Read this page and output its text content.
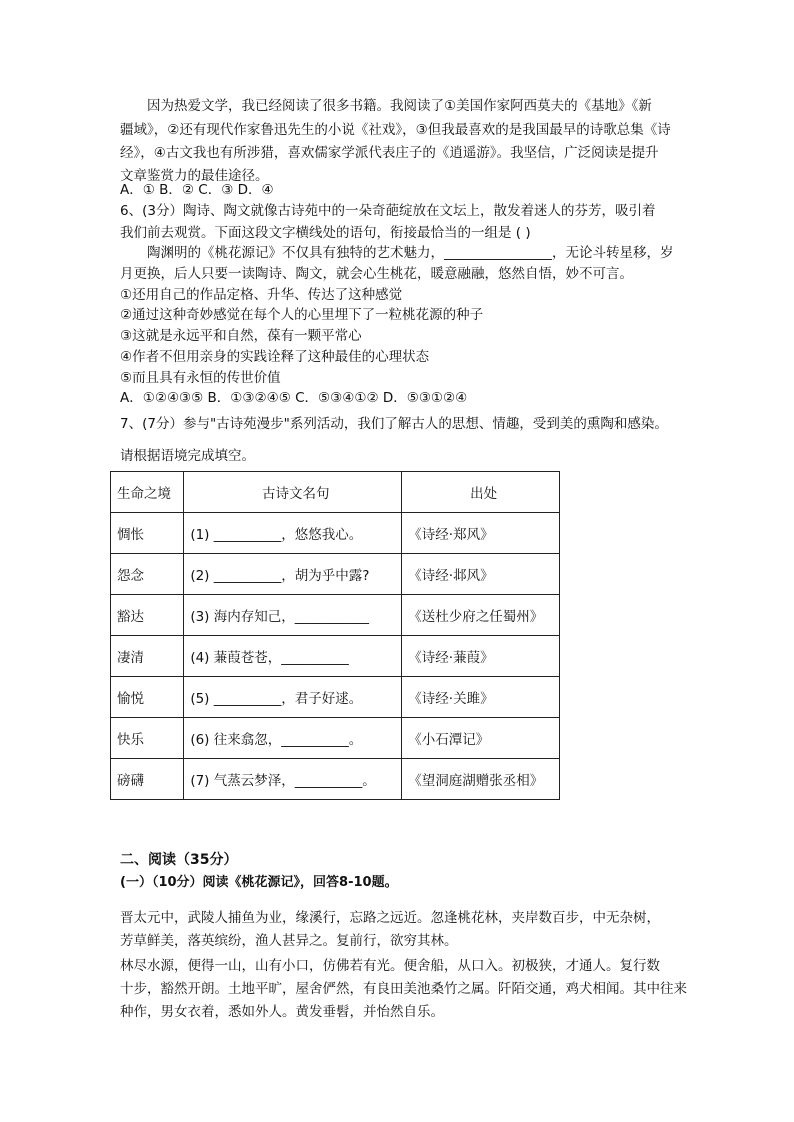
因为热爱文学，我已经阅读了很多书籍。我阅读了①美国作家阿西莫夫的《基地》《新
疆域》，②还有现代作家鲁迅先生的小说《社戏》，③但我最喜欢的是我国最早的诗歌总集《诗
经》，④古文我也有所涉猎，喜欢儒家学派代表庄子的《逍遥游》。我坚信，广泛阅读是提升
文章鉴赏力的最佳途径。
A．① B．② C．③ D．④
6、(3分）陶诗、陶文就像古诗苑中的一朵奇葩绽放在文坛上，散发着迷人的芬芳，吸引着
我们前去观赏。下面这段文字横线处的语句，衔接最恰当的一组是 ( )
陶渊明的《桃花源记》不仅具有独特的艺术魅力，________________，无论斗转星移，岁
月更换，后人只要一读陶诗、陶文，就会心生桃花，暖意融融，悠然自悟，妙不可言。
①还用自己的作品定格、升华、传达了这种感觉
②通过这种奇妙感觉在每个人的心里埋下了一粒桃花源的种子
③这就是永远平和自然，葆有一颗平常心
④作者不但用亲身的实践诠释了这种最佳的心理状态
⑤而且具有永恒的传世价值
A．①②④③⑤ B．①③②④⑤ C．⑤③④①② D．⑤③①②④
7、(7分）参与"古诗苑漫步"系列活动，我们了解古人的思想、情趣，受到美的熏陶和感染。
请根据语境完成填空。
生命之境	古诗文名句	出处
惆怅	(1) __________，悠悠我心。	《诗经·郑风》
怨念	(2) __________，胡为乎中露?	《诗经·邶风》
豁达	(3) 海内存知己，___________	《送杜少府之任蜀州》
凄清	(4) 蒹葭苍苍，__________	《诗经·蒹葭》
愉悦	(5) __________，君子好逑。	《诗经·关雎》
快乐	(6) 往来翕忽，__________。	《小石潭记》
磅礴	(7) 气蒸云梦泽，__________。	《望洞庭湖赠张丞相》
二、阅读（35分）
(一）（10分）阅读《桃花源记》，回答8-10题。
晋太元中，武陵人捕鱼为业，缘溪行，忘路之远近。忽逢桃花林，夹岸数百步，中无杂树，
芳草鲜美，落英缤纷，渔人甚异之。复前行，欲穷其林。
林尽水源，便得一山，山有小口，仿佛若有光。便舍船，从口入。初极狭，才通人。复行数
十步，豁然开朗。土地平旷，屋舍俨然，有良田美池桑竹之属。阡陌交通，鸡犬相闻。其中往来
种作，男女衣着，悉如外人。黄发垂髫，并怡然自乐。
